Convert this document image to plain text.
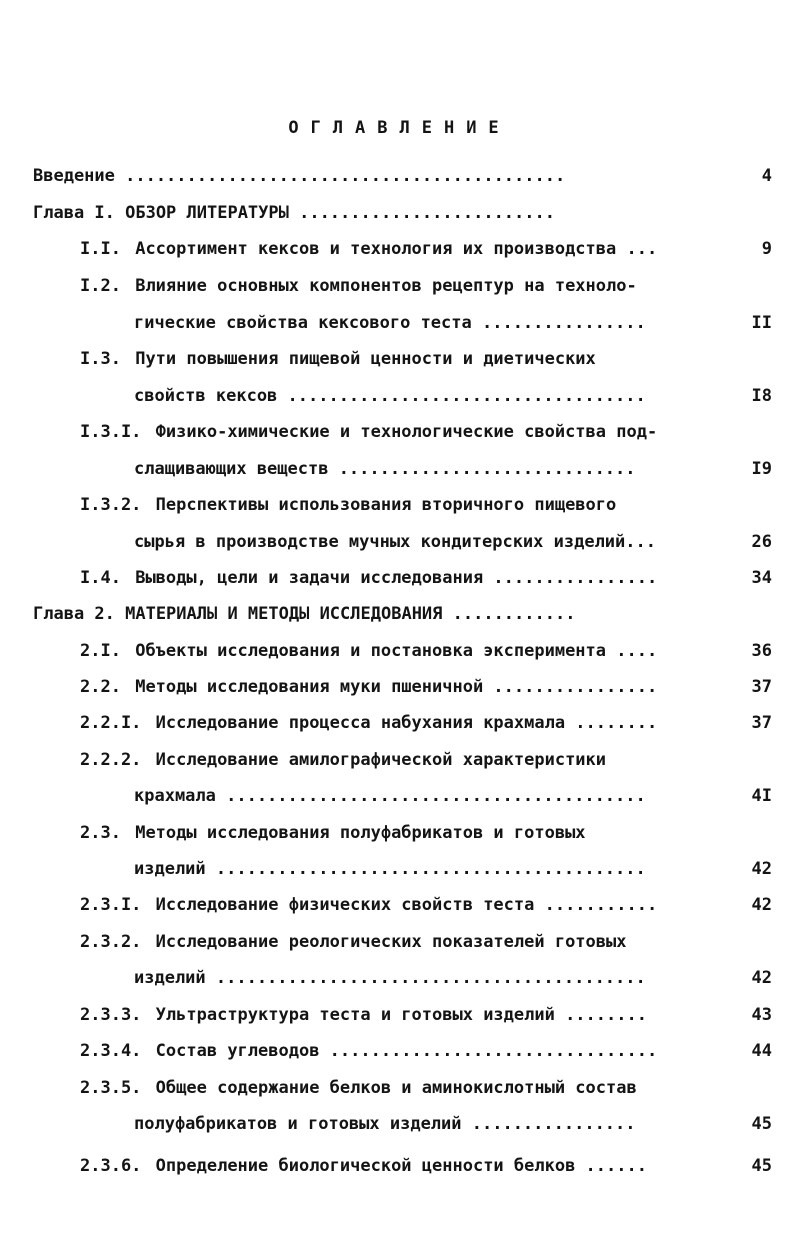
ОГЛАВЛЕНИЕ
Введение ...........................................	4
Глава I. ОБЗОР ЛИТЕРАТУРЫ .........................
I.I. Ассортимент кексов и технология их производства ...	9
I.2. Влияние основных компонентов рецептур на техноло-
гические свойства кексового теста ................	II
I.3. Пути повышения пищевой ценности и диетических
свойств кексов ...................................	I8
I.3.I. Физико-химические и технологические свойства под-
слащивающих веществ .............................	I9
I.3.2. Перспективы использования вторичного пищевого
сырья в производстве мучных кондитерских изделий...	26
I.4. Выводы, цели и задачи исследования ................	34
Глава 2. МАТЕРИАЛЫ И МЕТОДЫ ИССЛЕДОВАНИЯ ............
2.I. Объекты исследования и постановка эксперимента ....	36
2.2. Методы исследования муки пшеничной ................	37
2.2.I. Исследование процесса набухания крахмала ........	37
2.2.2. Исследование амилографической характеристики
крахмала .........................................	4I
2.3. Методы исследования полуфабрикатов и готовых
изделий ..........................................	42
2.3.I. Исследование физических свойств теста ...........	42
2.3.2. Исследование реологических показателей готовых
изделий ..........................................	42
2.3.3. Ультраструктура теста и готовых изделий ........	43
2.3.4. Состав углеводов ................................	44
2.3.5. Общее содержание белков и аминокислотный состав
полуфабрикатов и готовых изделий ................	45
2.3.6. Определение биологической ценности белков ......	45
